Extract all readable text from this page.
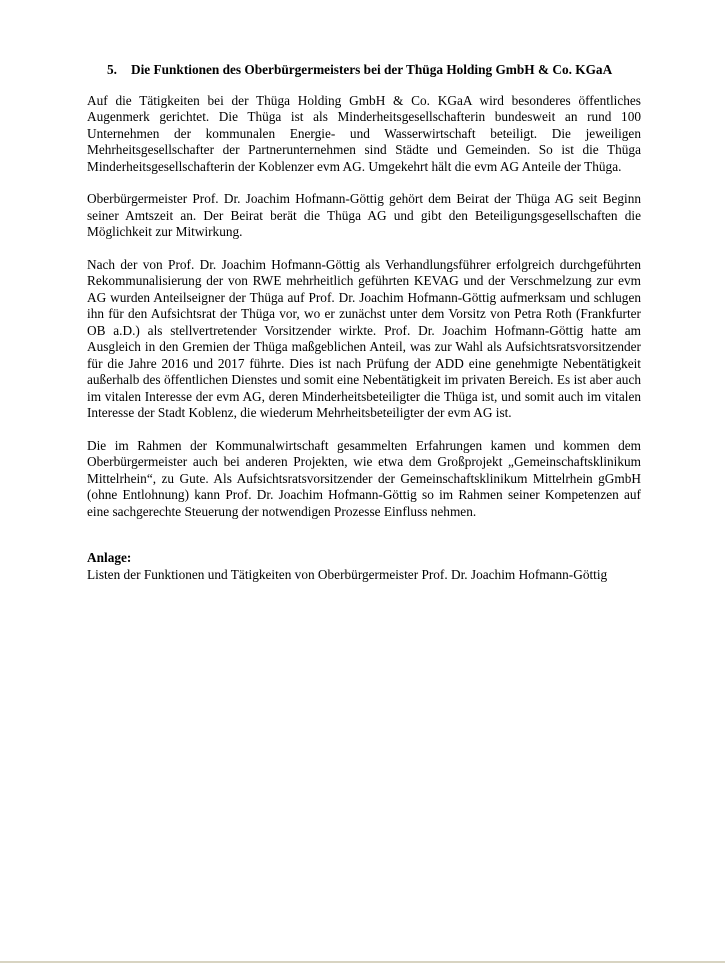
5.	Die Funktionen des Oberbürgermeisters bei der Thüga Holding GmbH & Co. KGaA

Auf die Tätigkeiten bei der Thüga Holding GmbH & Co. KGaA wird besonderes öffentliches Augenmerk gerichtet. Die Thüga ist als Minderheitsgesellschafterin bundesweit an rund 100 Unternehmen der kommunalen Energie- und Wasserwirtschaft beteiligt. Die jeweiligen Mehrheitsgesellschafter der Partnerunternehmen sind Städte und Gemeinden. So ist die Thüga Minderheitsgesellschafterin der Koblenzer evm AG. Umgekehrt hält die evm AG Anteile der Thüga.

Oberbürgermeister Prof. Dr. Joachim Hofmann-Göttig gehört dem Beirat der Thüga AG seit Beginn seiner Amtszeit an. Der Beirat berät die Thüga AG und gibt den Beteiligungsgesellschaften die Möglichkeit zur Mitwirkung.

Nach der von Prof. Dr. Joachim Hofmann-Göttig als Verhandlungsführer erfolgreich durchgeführten Rekommunalisierung der von RWE mehrheitlich geführten KEVAG und der Verschmelzung zur evm AG wurden Anteilseigner der Thüga auf Prof. Dr. Joachim Hofmann-Göttig aufmerksam und schlugen ihn für den Aufsichtsrat der Thüga vor, wo er zunächst unter dem Vorsitz von Petra Roth (Frankfurter OB a.D.) als stellvertretender Vorsitzender wirkte. Prof. Dr. Joachim Hofmann-Göttig hatte am Ausgleich in den Gremien der Thüga maßgeblichen Anteil, was zur Wahl als Aufsichtsratsvorsitzender für die Jahre 2016 und 2017 führte. Dies ist nach Prüfung der ADD eine genehmigte Nebentätigkeit außerhalb des öffentlichen Dienstes und somit eine Nebentätigkeit im privaten Bereich. Es ist aber auch im vitalen Interesse der evm AG, deren Minderheitsbeteiligter die Thüga ist, und somit auch im vitalen Interesse der Stadt Koblenz, die wiederum Mehrheitsbeteiligter der evm AG ist.

Die im Rahmen der Kommunalwirtschaft gesammelten Erfahrungen kamen und kommen dem Oberbürgermeister auch bei anderen Projekten, wie etwa dem Großprojekt „Gemeinschaftsklinikum Mittelrhein“, zu Gute. Als Aufsichtsratsvorsitzender der Gemeinschaftsklinikum Mittelrhein gGmbH (ohne Entlohnung) kann Prof. Dr. Joachim Hofmann-Göttig so im Rahmen seiner Kompetenzen auf eine sachgerechte Steuerung der notwendigen Prozesse Einfluss nehmen.

Anlage:

Listen der Funktionen und Tätigkeiten von Oberbürgermeister Prof. Dr. Joachim Hofmann-Göttig
